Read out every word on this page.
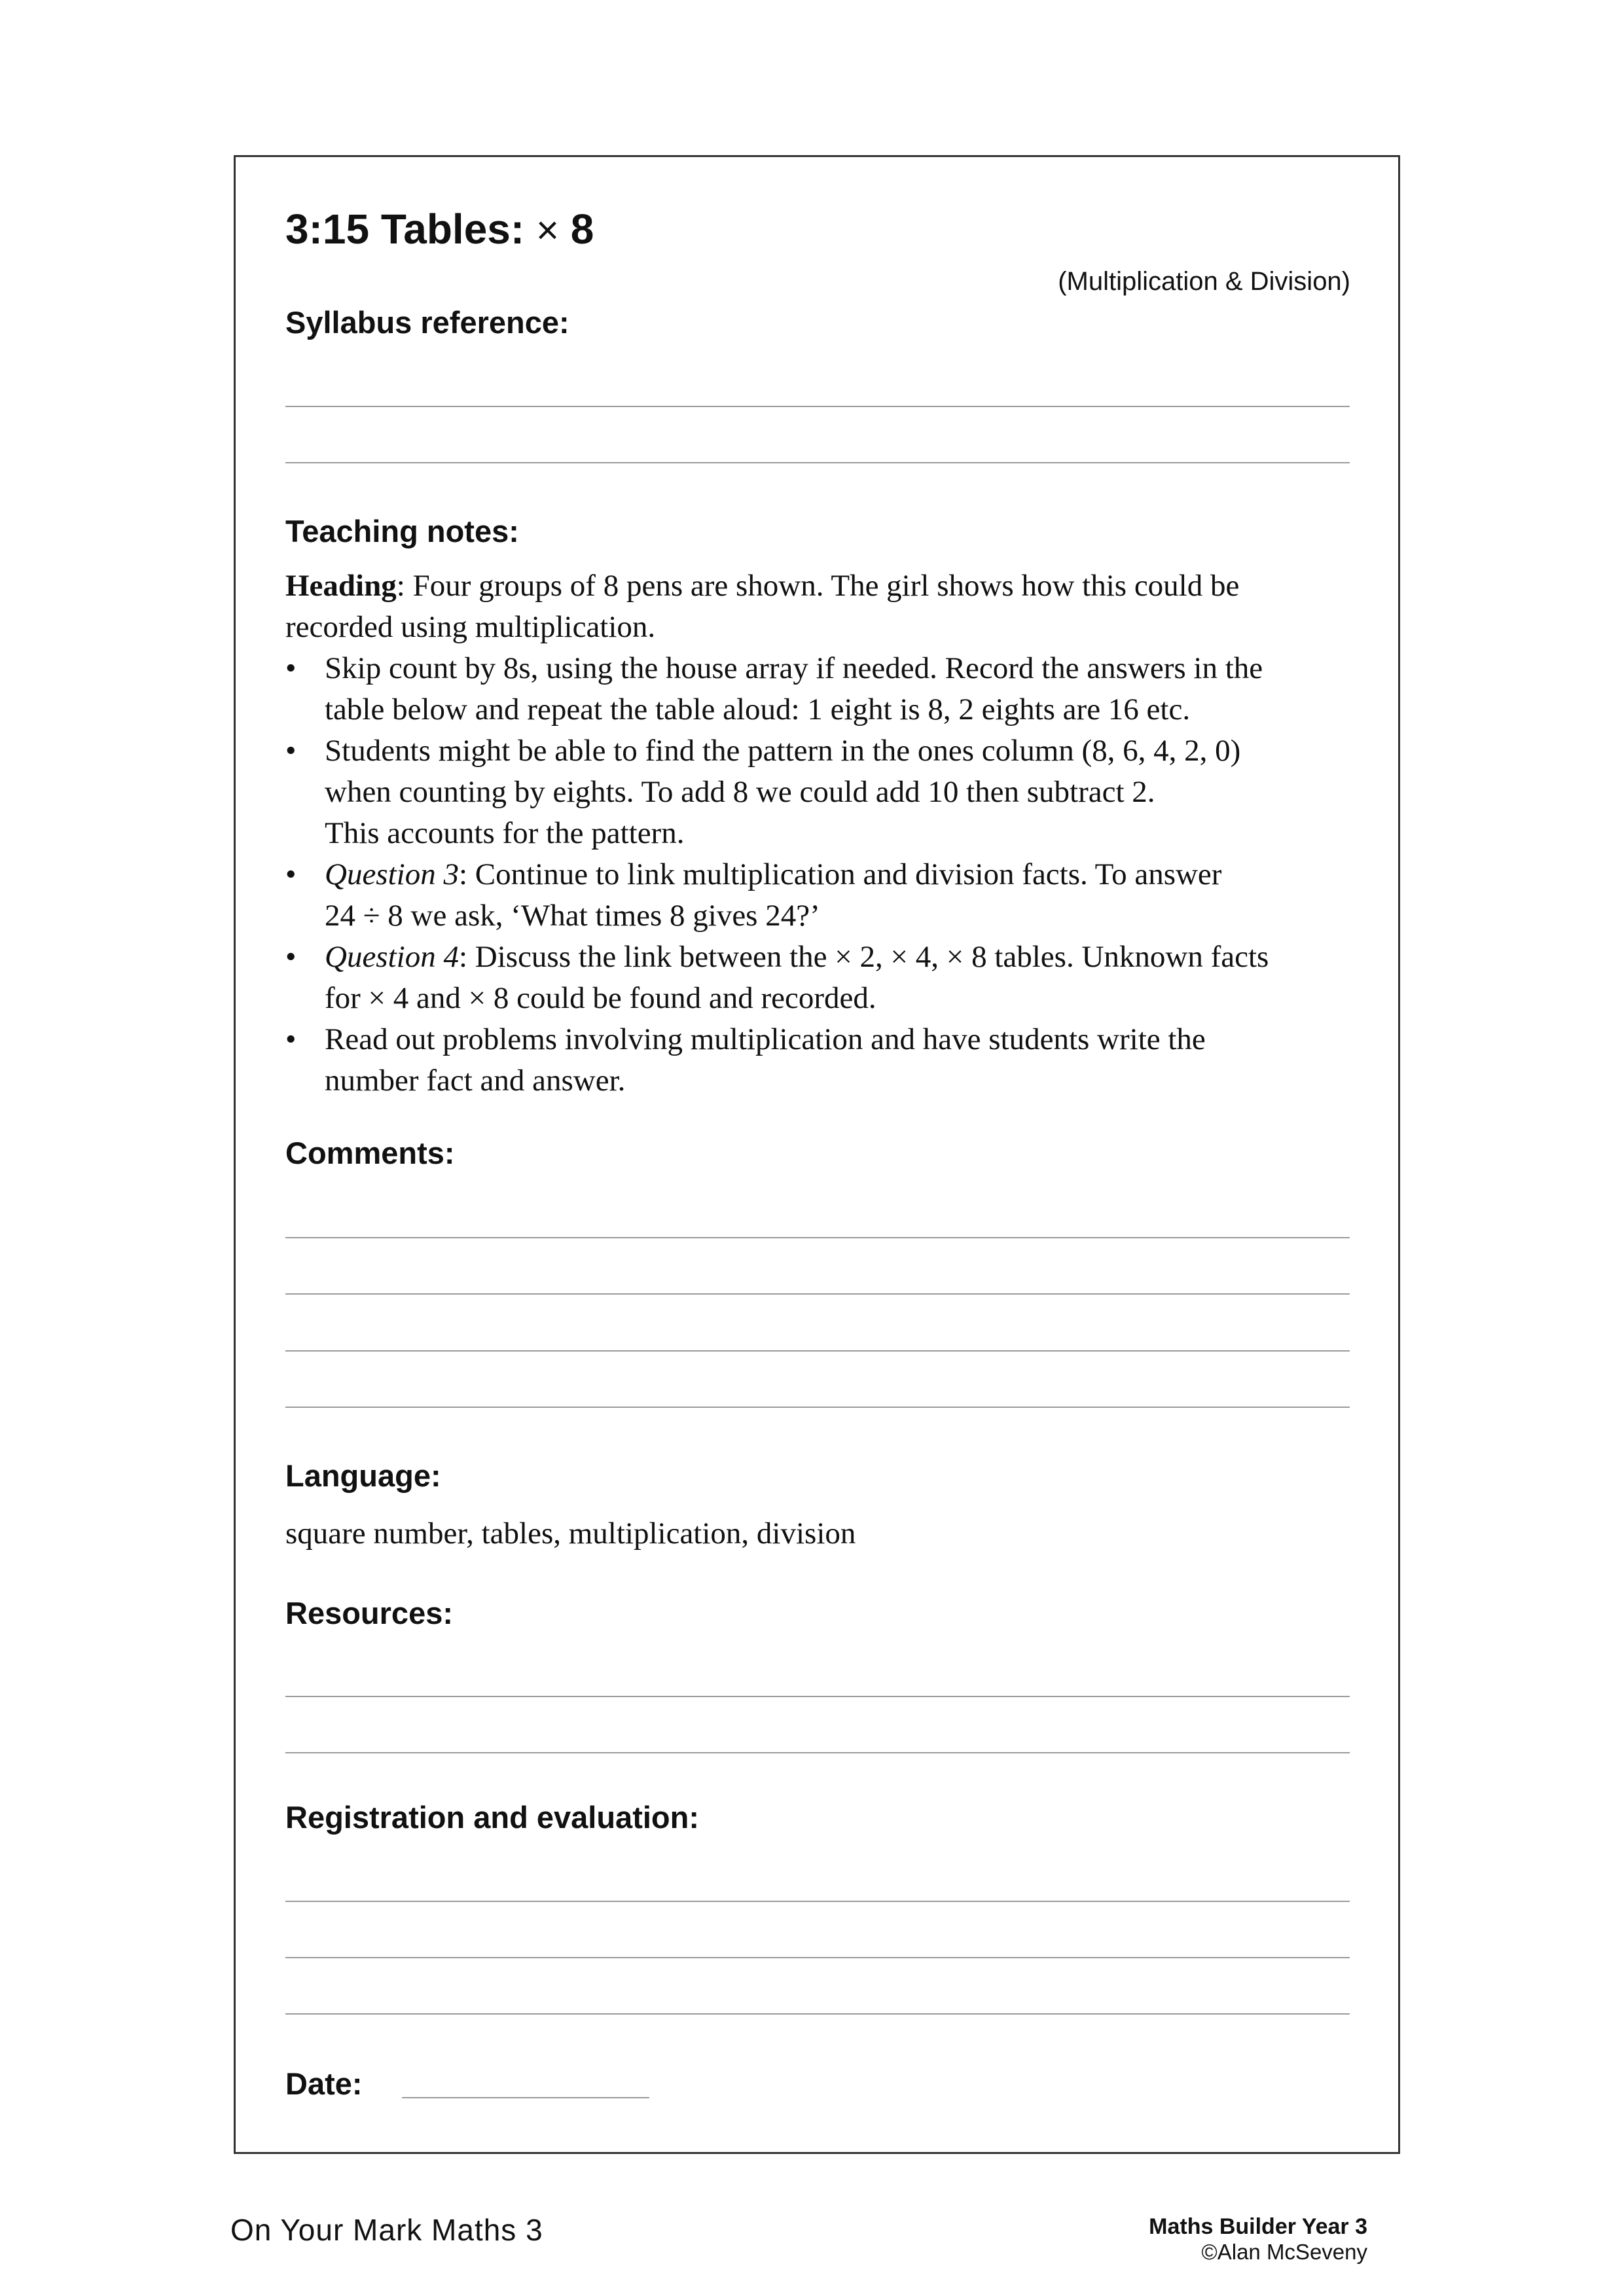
3:15 Tables: × 8
(Multiplication & Division)
Syllabus reference:
Teaching notes:

Heading: Four groups of 8 pens are shown. The girl shows how this could be
recorded using multiplication.

• Skip count by 8s, using the house array if needed. Record the answers in the
table below and repeat the table aloud: 1 eight is 8, 2 eights are 16 etc.
• Students might be able to find the pattern in the ones column (8, 6, 4, 2, 0)
when counting by eights. To add 8 we could add 10 then subtract 2.
This accounts for the pattern.
• Question 3: Continue to link multiplication and division facts. To answer
24 ÷ 8 we ask, ‘What times 8 gives 24?’
• Question 4: Discuss the link between the × 2, × 4, × 8 tables. Unknown facts
for × 4 and × 8 could be found and recorded.
• Read out problems involving multiplication and have students write the
number fact and answer.
Comments:
Language:
square number, tables, multiplication, division
Resources:
Registration and evaluation:
Date:
On Your Mark Maths 3	Maths Builder Year 3
©Alan McSeveny
